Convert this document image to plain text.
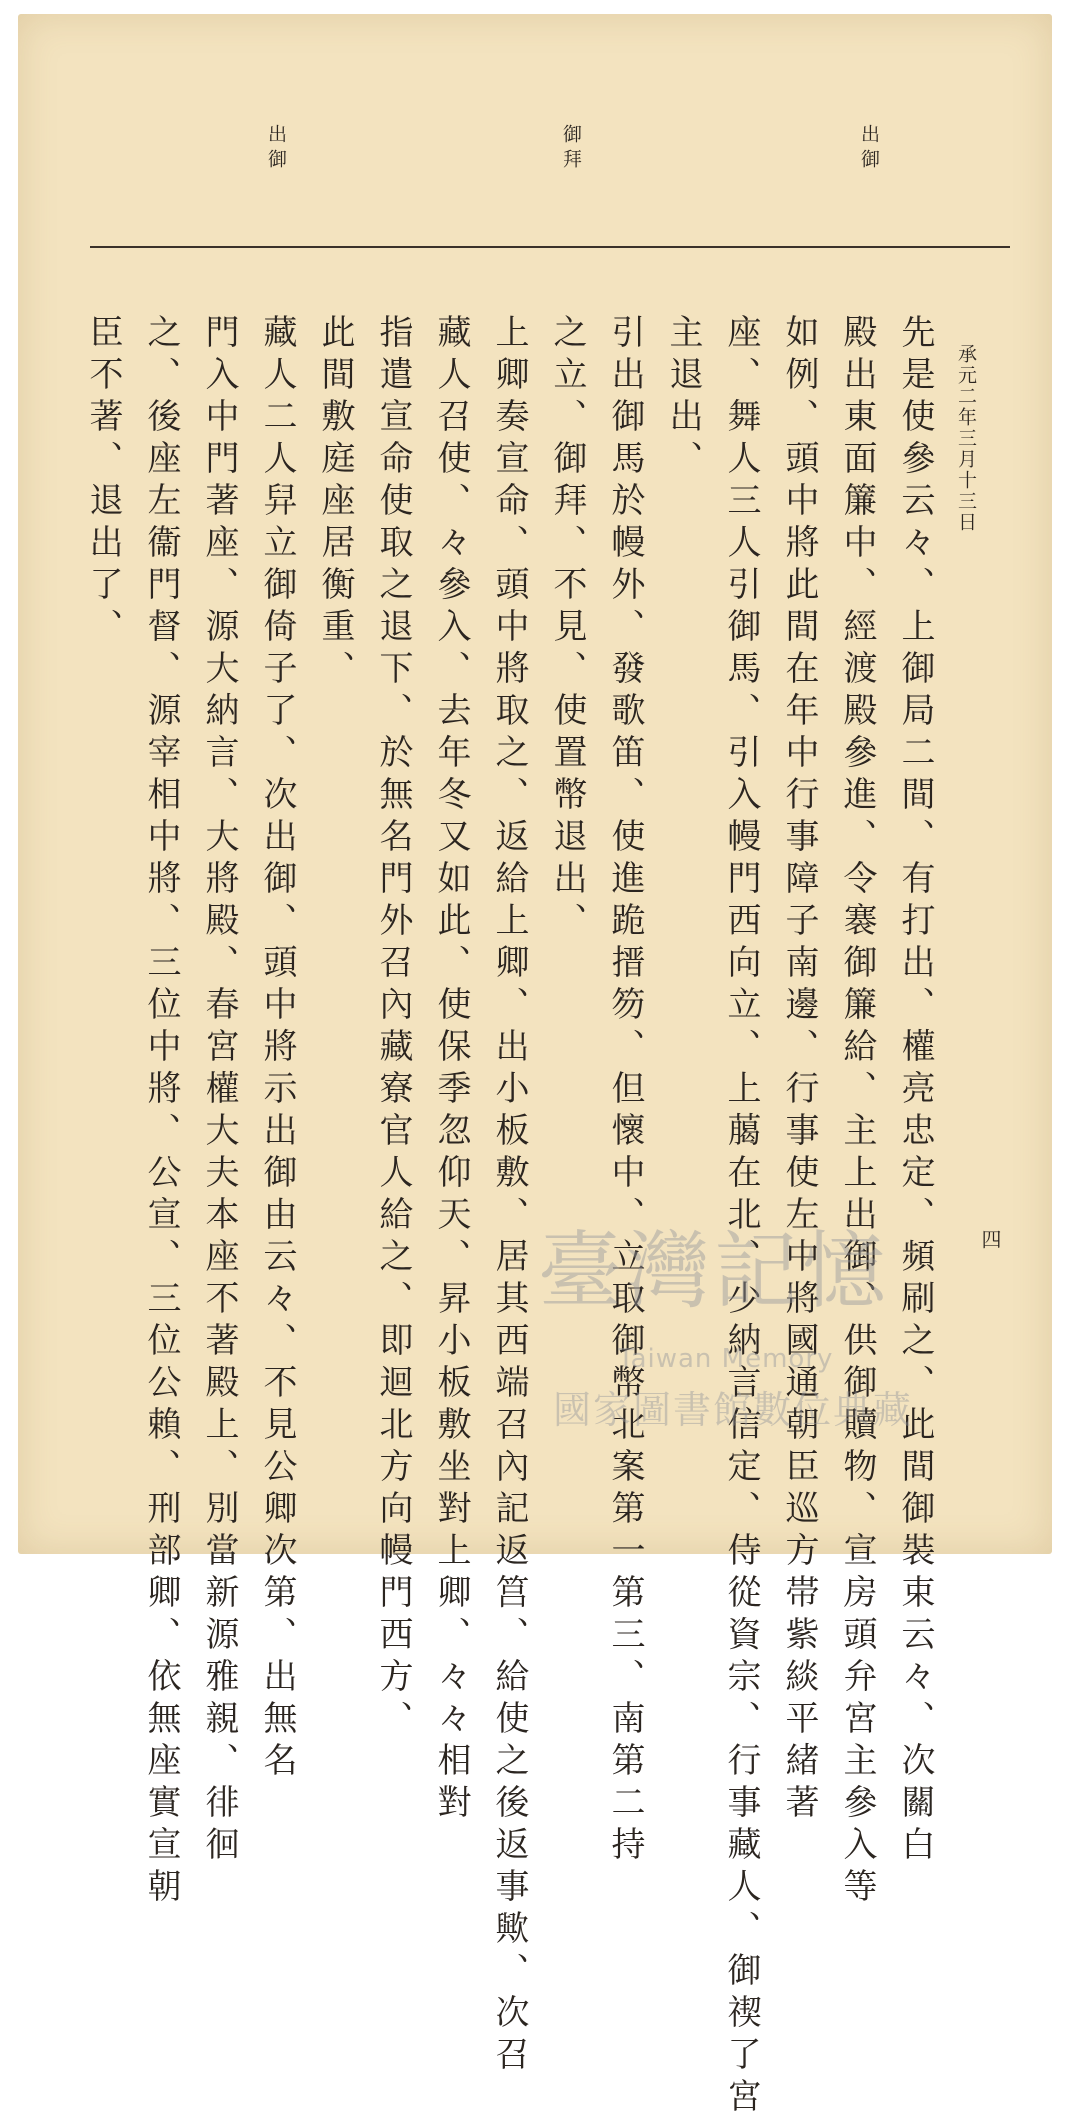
出御
御拜
出御
承元二年三月十三日
四
先是使參云々、上御局二間、有打出、權亮忠定、頻刷之、此間御裝束云々、次關白
殿出東面簾中、經渡殿參進、令褰御簾給、主上出御、供御贖物、宣房頭弁宮主參入等
如例、頭中將此間在年中行事障子南邊、行事使左中將國通朝臣巡方帯紫緂平緒著
座、舞人三人引御馬、引入幔門西向立、上﨟在北、少納言信定、侍從資宗、行事藏人、御禊了宮
主退出、
引出御馬於幔外、發歌笛、使進跪搢笏、但懷中、立取御幣北案第一第三、南第二持
之立、御拜、不見、使置幣退出、
上卿奏宣命、頭中將取之、返給上卿、出小板敷、居其西端召內記返筥、給使之後返事歟、次召
藏人召使、々參入、去年冬又如此、使保季忽仰天、昇小板敷坐對上卿、々々相對
指遣宣命使取之退下、於無名門外召內藏寮官人給之、即迴北方向幔門西方、
此間敷庭座居衡重、
藏人二人舁立御倚子了、次出御、頭中將示出御由云々、不見公卿次第、出無名
門入中門著座、源大納言、大將殿、春宮權大夫本座不著殿上、別當新源雅親、徘徊
之、後座左衞門督、源宰相中將、三位中將、公宣、三位公賴、刑部卿、依無座實宣朝
臣不著、退出了、
臺灣記憶
Taiwan Memory
國家圖書館數位典藏
